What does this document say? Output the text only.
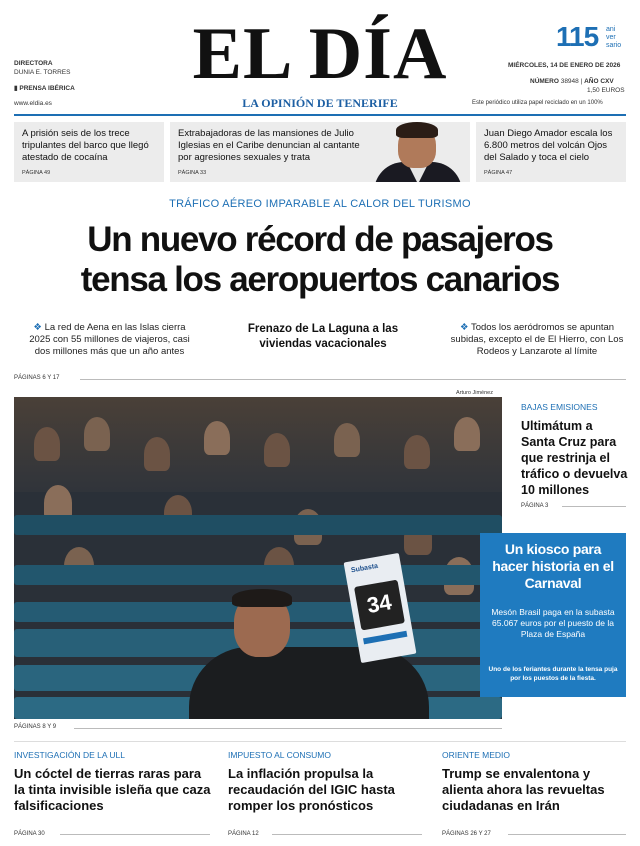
DIRECTORA
DUNIA E. TORRES
▮ PRENSA IBÉRICA
www.eldia.es
EL DÍA
LA OPINIÓN DE TENERIFE
115 ani
ver
sario
MIÉRCOLES, 14 DE ENERO DE 2026
NÚMERO 38948 | AÑO CXV
1,50 EUROS
Este periódico utiliza papel reciclado en un 100%
A prisión seis de los trece tripulantes del barco que llegó atestado de cocaína
PÁGINA 49
Extrabajadoras de las mansiones de Julio Iglesias en el Caribe denuncian al cantante por agresiones sexuales y trata
PÁGINA 33
Juan Diego Amador escala los 6.800 metros del volcán Ojos del Salado y toca el cielo
PÁGINA 47
TRÁFICO AÉREO IMPARABLE AL CALOR DEL TURISMO
Un nuevo récord de pasajeros
tensa los aeropuertos canarios
❖ La red de Aena en las Islas cierra 2025 con 55 millones de viajeros, casi dos millones más que un año antes
Frenazo de La Laguna a las viviendas vacacionales
❖ Todos los aeródromos se apuntan subidas, excepto el de El Hierro, con Los Rodeos y Lanzarote al límite
PÁGINAS 6 Y 17
Arturo Jiménez
Subasta
34
PÁGINAS 8 Y 9
BAJAS EMISIONES
Ultimátum a Santa Cruz para que restrinja el tráfico o devuelva 10 millones
PÁGINA 3
Un kiosco para hacer historia en el Carnaval
Mesón Brasil paga en la subasta 65.067 euros por el puesto de la Plaza de España
Uno de los feriantes durante la tensa puja por los puestos de la fiesta.
INVESTIGACIÓN DE LA ULL
Un cóctel de tierras raras para la tinta invisible isleña que caza falsificaciones
PÁGINA 30
IMPUESTO AL CONSUMO
La inflación propulsa la recaudación del IGIC hasta romper los pronósticos
PÁGINA 12
ORIENTE MEDIO
Trump se envalentona y alienta ahora las revueltas ciudadanas en Irán
PÁGINAS 26 Y 27
